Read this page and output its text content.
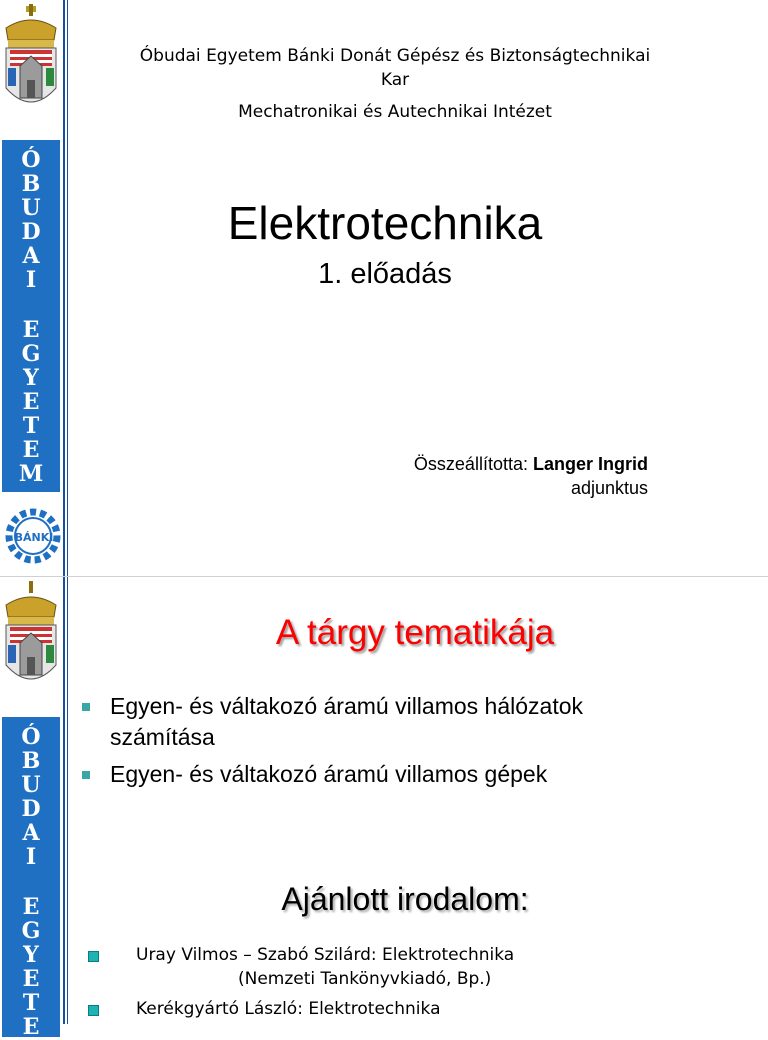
Ó
B
U
D
A
I
E
G
Y
E
T
E
M
BÁNKI
Óbudai Egyetem Bánki Donát Gépész és Biztonságtechnikai
Kar
Mechatronikai és Autechnikai Intézet
Elektrotechnika
1. előadás
Összeállította: Langer Ingrid
adjunktus
Ó
B
U
D
A
I
E
G
Y
E
T
E
A tárgy tematikája
Egyen- és váltakozó áramú villamos hálózatok számítása
Egyen- és váltakozó áramú villamos gépek
Ajánlott irodalom:
Uray Vilmos – Szabó Szilárd: Elektrotechnika
(Nemzeti Tankönyvkiadó, Bp.)
Kerékgyártó László: Elektrotechnika
